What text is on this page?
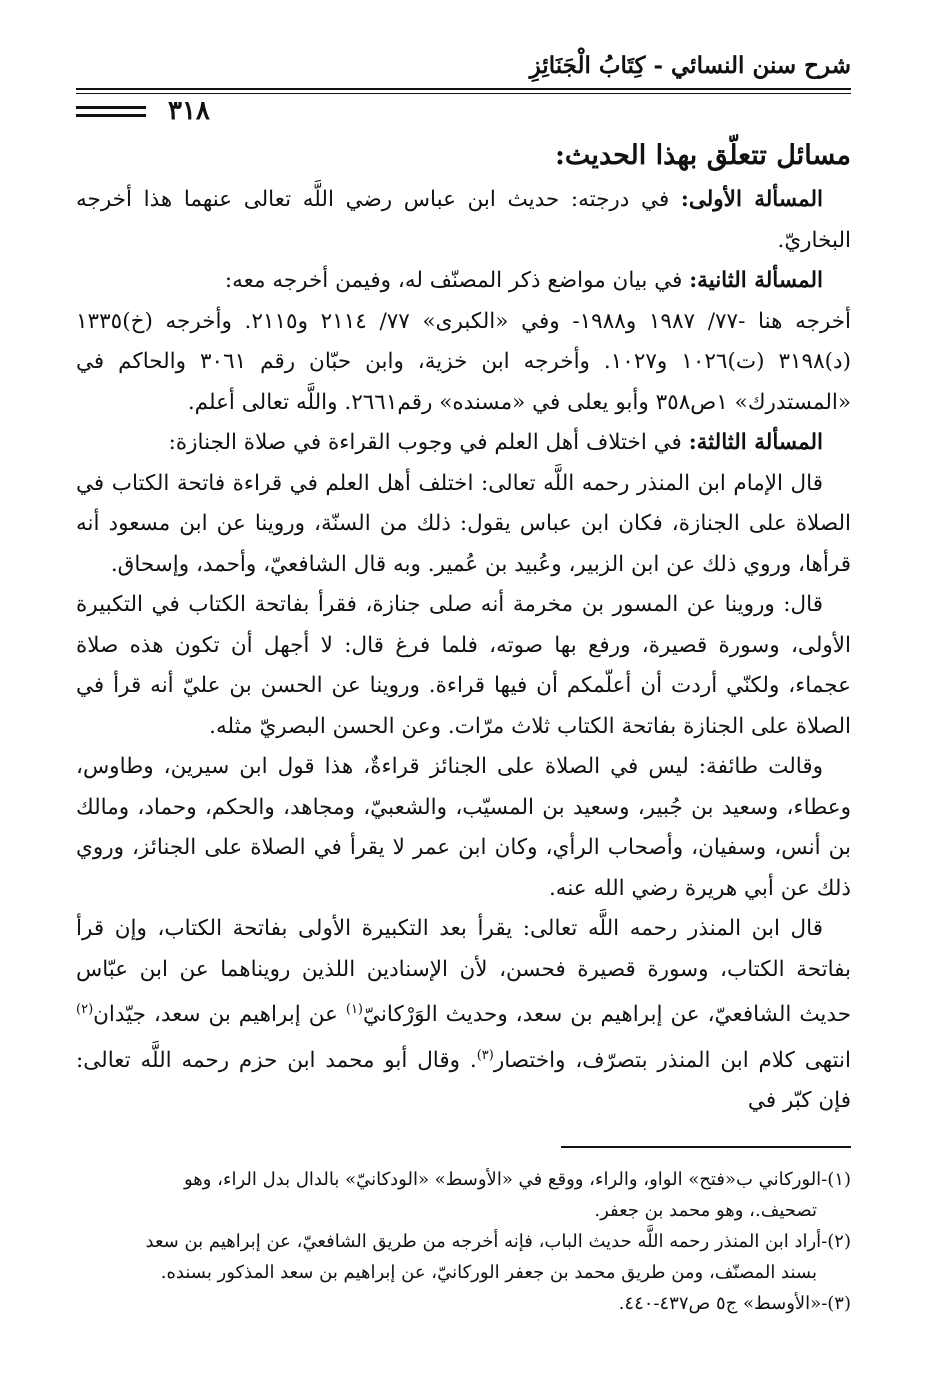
شرح سنن النسائي - كِتَابُ الْجَنَائِزِ
٣١٨
مسائل تتعلّق بهذا الحديث:

المسألة الأولى: في درجته: حديث ابن عباس رضي اللَّه تعالى عنهما هذا أخرجه البخاريّ.

المسألة الثانية: في بيان مواضع ذكر المصنّف له، وفيمن أخرجه معه:

أخرجه هنا -٧٧/ ١٩٨٧ و١٩٨٨- وفي «الكبرى» ٧٧/ ٢١١٤ و٢١١٥. وأخرجه (خ)١٣٣٥ (د)٣١٩٨ (ت)١٠٢٦ و١٠٢٧. وأخرجه ابن خزية، وابن حبّان رقم ٣٠٦١ والحاكم في «المستدرك» ١ص٣٥٨ وأبو يعلى في «مسنده» رقم٢٦٦١. واللَّه تعالى أعلم.

المسألة الثالثة: في اختلاف أهل العلم في وجوب القراءة في صلاة الجنازة:

قال الإمام ابن المنذر رحمه اللَّه تعالى: اختلف أهل العلم في قراءة فاتحة الكتاب في الصلاة على الجنازة، فكان ابن عباس يقول: ذلك من السنّة، وروينا عن ابن مسعود أنه قرأها، وروي ذلك عن ابن الزبير، وعُبيد بن عُمير. وبه قال الشافعيّ، وأحمد، وإسحاق.

قال: وروينا عن المسور بن مخرمة أنه صلى جنازة، فقرأ بفاتحة الكتاب في التكبيرة الأولى، وسورة قصيرة، ورفع بها صوته، فلما فرغ قال: لا أجهل أن تكون هذه صلاة عجماء، ولكنّي أردت أن أعلّمكم أن فيها قراءة. وروينا عن الحسن بن عليّ أنه قرأ في الصلاة على الجنازة بفاتحة الكتاب ثلاث مرّات. وعن الحسن البصريّ مثله.

وقالت طائفة: ليس في الصلاة على الجنائز قراءةٌ، هذا قول ابن سيرين، وطاوس، وعطاء، وسعيد بن جُبير، وسعيد بن المسيّب، والشعبيّ، ومجاهد، والحكم، وحماد، ومالك بن أنس، وسفيان، وأصحاب الرأي، وكان ابن عمر لا يقرأ في الصلاة على الجنائز، وروي ذلك عن أبي هريرة رضي الله عنه.

قال ابن المنذر رحمه اللَّه تعالى: يقرأ بعد التكبيرة الأولى بفاتحة الكتاب، وإن قرأ بفاتحة الكتاب، وسورة قصيرة فحسن، لأن الإسنادين اللذين رويناهما عن ابن عبّاس حديث الشافعيّ، عن إبراهيم بن سعد، وحديث الوَرْكانيّ$^{(١)}$ عن إبراهيم بن سعد، جيّدان$^{(٢)}$ انتهى كلام ابن المنذر بتصرّف، واختصار$^{(٣)}$. وقال أبو محمد ابن حزم رحمه اللَّه تعالى: فإن كبّر في

(١)-الوركاني ب«فتح» الواو، والراء، ووقع في «الأوسط» «الودكانيّ» بالدال بدل الراء، وهو

تصحيف.، وهو محمد بن جعفر.

(٢)-أراد ابن المنذر رحمه اللَّه حديث الباب، فإنه أخرجه من طريق الشافعيّ، عن إبراهيم بن سعد

بسند المصنّف، ومن طريق محمد بن جعفر الوركانيّ، عن إبراهيم بن سعد المذكور بسنده.

(٣)-«الأوسط» ج٥ ص٤٣٧-٤٤٠.
